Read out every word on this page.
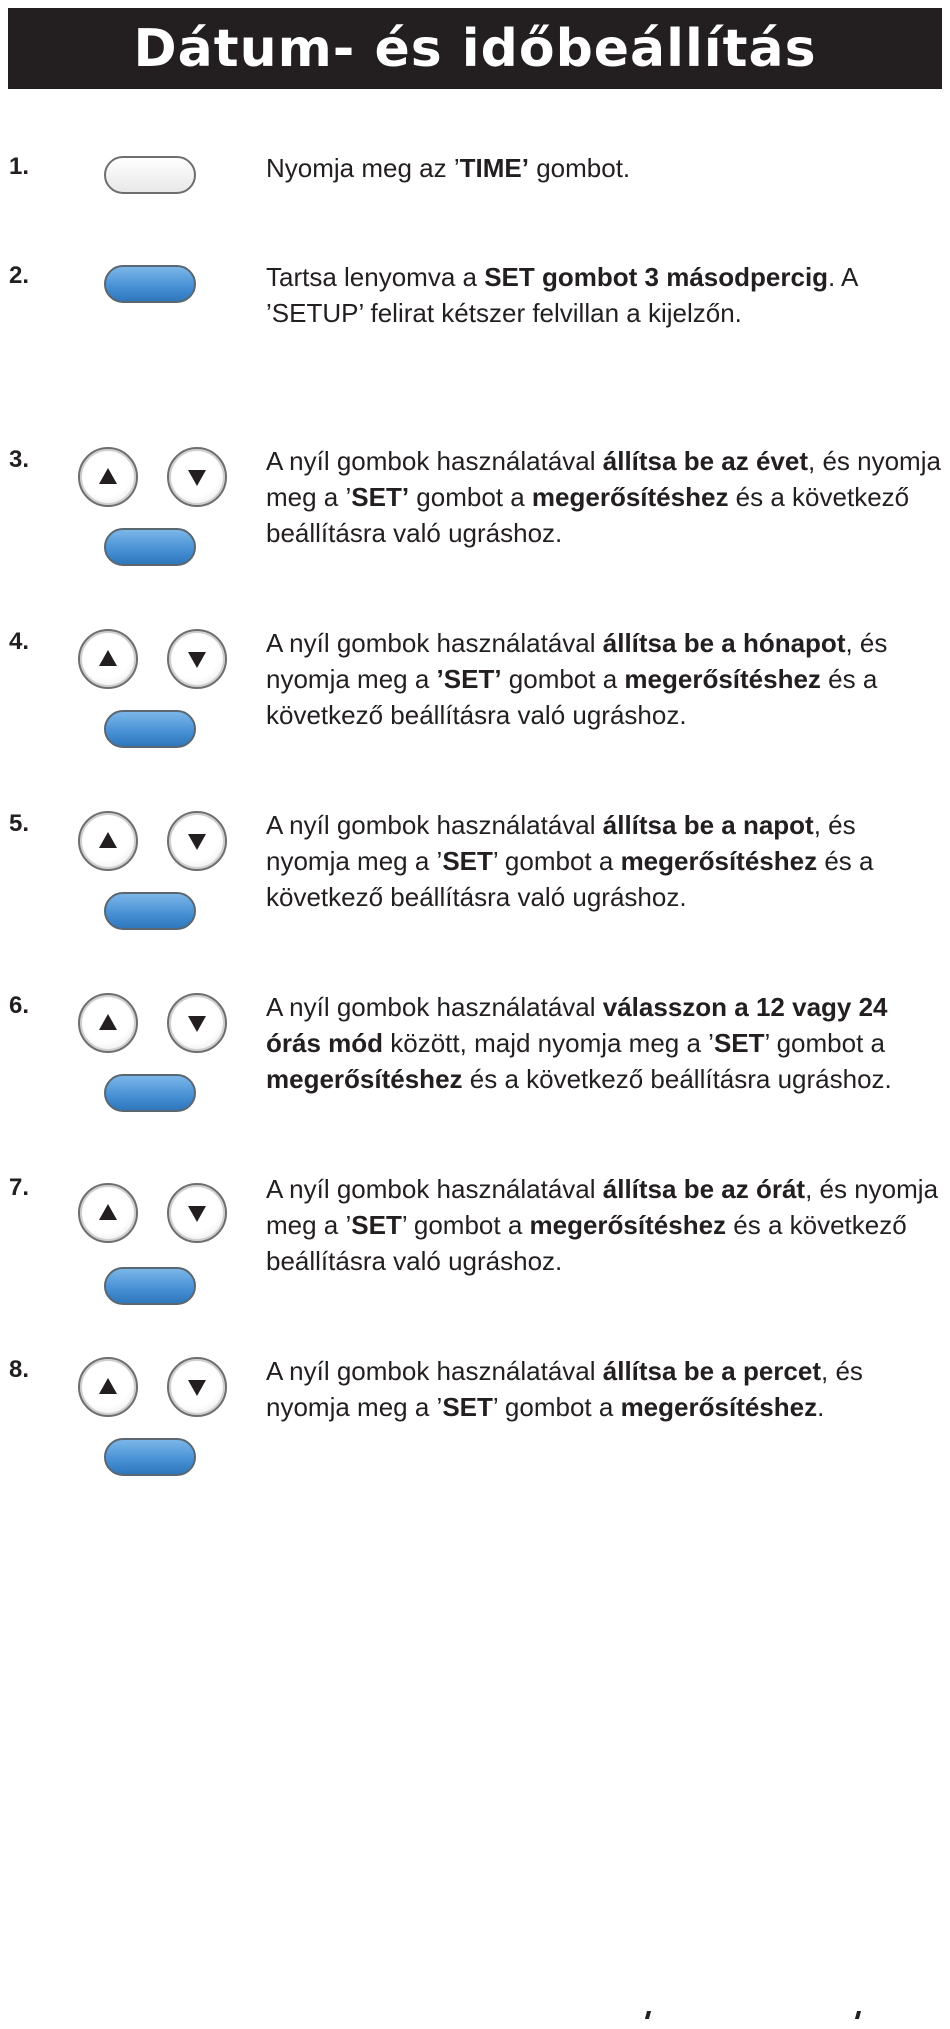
Dátum- és időbeállítás
1.	Nyomja meg az ’TIME’ gombot.
2.	Tartsa lenyomva a SET gombot 3 másodpercig. A ’SETUP’ felirat kétszer felvillan a kijelzőn.
3.	A nyíl gombok használatával állítsa be az évet, és nyomja meg a ’SET’ gombot a megerősítéshez és a következő beállításra való ugráshoz.
4.	A nyíl gombok használatával állítsa be a hónapot, és nyomja meg a ’SET’ gombot a megerősítéshez és a következő beállításra való ugráshoz.
5.	A nyíl gombok használatával állítsa be a napot, és nyomja meg a ’SET’ gombot a megerősítéshez és a következő beállításra való ugráshoz.
6.	A nyíl gombok használatával válasszon a 12 vagy 24 órás mód között, majd nyomja meg a ’SET’ gombot a megerősítéshez és a következő beállításra ugráshoz.
7.	A nyíl gombok használatával állítsa be az órát, és nyomja meg a ’SET’ gombot a megerősítéshez és a következő beállításra való ugráshoz.
8.	A nyíl gombok használatával állítsa be a percet, és nyomja meg a ’SET’ gombot a megerősítéshez.
